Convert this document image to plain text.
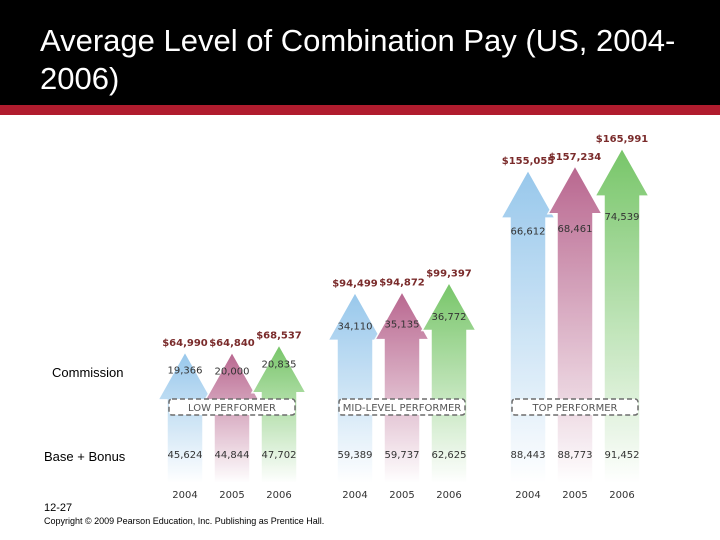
Average Level of Combination Pay (US, 2004-2006)
$64,990
19,366
45,624
2004
$64,840
20,000
44,844
2005
$68,537
20,835
47,702
2006
LOW PERFORMER
$94,499
34,110
59,389
2004
$94,872
35,135
59,737
2005
$99,397
36,772
62,625
2006
MID-LEVEL PERFORMER
$155,055
66,612
88,443
2004
$157,234
68,461
88,773
2005
$165,991
74,539
91,452
2006
TOP PERFORMER
Commission
Base + Bonus
12-27
Copyright © 2009 Pearson Education, Inc. Publishing as Prentice Hall.
